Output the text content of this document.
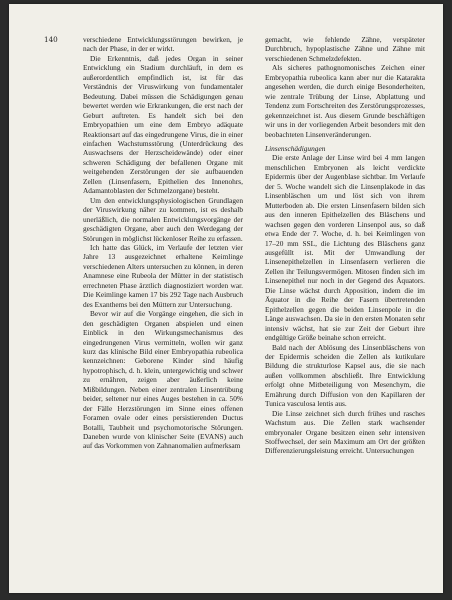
140	verschiedene Entwicklungsstörungen bewirken, je nach der Phase, in der er wirkt.

Die Erkenntnis, daß jedes Organ in seiner Entwicklung ein Stadium durchläuft, in dem es außerordentlich empfindlich ist, ist für das Verständnis der Viruswirkung von fundamentaler Bedeutung. Dabei müssen die Schädigungen genau bewertet werden wie Erkrankungen, die erst nach der Geburt auftreten. Es handelt sich bei den Embryopathien um eine dem Embryo adäquate Reaktionsart auf das eingedrungene Virus, die in einer einfachen Wachstumsstörung (Unterdrückung des Auswachsens der Herzscheidewände) oder einer schweren Schädigung der befallenen Organe mit weitgehenden Zerstörungen der sie aufbauenden Zellen (Linsenfasern, Epithelien des Innenohrs, Adamantoblasten der Schmelzorgane) besteht.

Um den entwicklungsphysiologischen Grundlagen der Viruswirkung näher zu kommen, ist es deshalb unerläßlich, die normalen Entwicklungsvorgänge der geschädigten Organe, aber auch den Werdegang der Störungen in möglichst lückenloser Reihe zu erfassen.

Ich hatte das Glück, im Verlaufe der letzten vier Jahre 13 ausgezeichnet erhaltene Keimlinge verschiedenen Alters untersuchen zu können, in deren Anamnese eine Rubeola der Mütter in der statistisch errechneten Phase ärztlich diagnostiziert worden war. Die Keimlinge kamen 17 bis 292 Tage nach Ausbruch des Exanthems bei den Müttern zur Untersuchung.

Bevor wir auf die Vorgänge eingehen, die sich in den geschädigten Organen abspielen und einen Einblick in den Wirkungsmechanismus des eingedrungenen Virus vermitteln, wollen wir ganz kurz das klinische Bild einer Embryopathia rubeolica kennzeichnen: Geborene Kinder sind häufig hypotrophisch, d. h. klein, untergewichtig und schwer zu ernähren, zeigen aber äußerlich keine Mißbildungen. Neben einer zentralen Linsentrübung beider, seltener nur eines Auges bestehen in ca. 50% der Fälle Herzstörungen im Sinne eines offenen Foramen ovale oder eines persistierenden Ductus Botalli, Taubheit und psychomotorische Störungen. Daneben wurde von klinischer Seite (EVANS) auch auf das Vorkommen von Zahnanomalien aufmerksam

gemacht, wie fehlende Zähne, verspäteter Durchbruch, hypoplastische Zähne und Zähne mit verschiedenen Schmelzdefekten.

Als sicheres pathognomonisches Zeichen einer Embryopathia rubeolica kann aber nur die Katarakta angesehen werden, die durch einige Besonderheiten, wie zentrale Trübung der Linse, Abplattung und Tendenz zum Fortschreiten des Zerstörungsprozesses, gekennzeichnet ist. Aus diesem Grunde beschäftigen wir uns in der vorliegenden Arbeit besonders mit den beobachteten Linsenveränderungen.

Linsenschädigungen

Die erste Anlage der Linse wird bei 4 mm langen menschlichen Embryonen als leicht verdickte Epidermis über der Augenblase sichtbar. Im Verlaufe der 5. Woche wandelt sich die Linsenplakode in das Linsenbläschen um und löst sich von ihrem Mutterboden ab. Die ersten Linsenfasern bilden sich aus den inneren Epithelzellen des Bläschens und wachsen gegen den vorderen Linsenpol aus, so daß etwa Ende der 7. Woche, d. h. bei Keimlingen von 17–20 mm SSL, die Lichtung des Bläschens ganz ausgefüllt ist. Mit der Umwandlung der Linsenepithelzellen in Linsenfasern verlieren die Zellen ihr Teilungsvermögen. Mitosen finden sich im Linsenepithel nur noch in der Gegend des Äquators. Die Linse wächst durch Apposition, indem die im Äquator in die Reihe der Fasern übertretenden Epithelzellen gegen die beiden Linsenpole in die Länge auswachsen. Da sie in den ersten Monaten sehr intensiv wächst, hat sie zur Zeit der Geburt ihre endgültige Größe beinahe schon erreicht.

Bald nach der Ablösung des Linsenbläschens von der Epidermis scheiden die Zellen als kutikulare Bildung die strukturlose Kapsel aus, die sie nach außen vollkommen abschließt. Ihre Entwicklung erfolgt ohne Mitbeteiligung von Mesenchym, die Ernährung durch Diffusion von den Kapillaren der Tunica vasculosa lentis aus.

Die Linse zeichnet sich durch frühes und rasches Wachstum aus. Die Zellen stark wachsender embryonaler Organe besitzen einen sehr intensiven Stoffwechsel, der sein Maximum am Ort der größten Differenzierungsleistung erreicht. Untersuchungen
